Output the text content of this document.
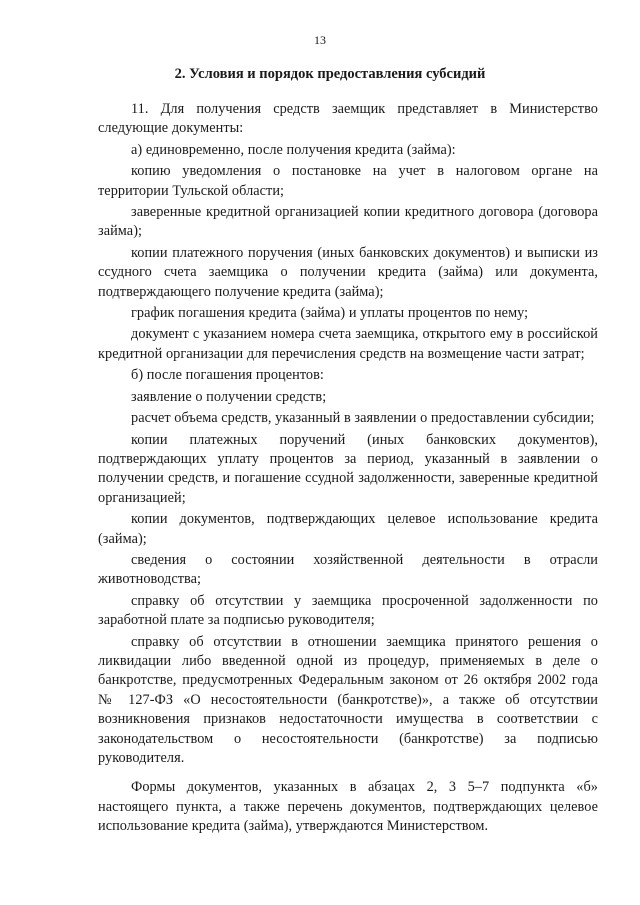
13
2. Условия и порядок предоставления субсидий

11. Для получения средств заемщик представляет в Министерство следующие документы:

а) единовременно, после получения кредита (займа):

копию уведомления о постановке на учет в налоговом органе на территории Тульской области;

заверенные кредитной организацией копии кредитного договора (договора займа);

копии платежного поручения (иных банковских документов) и выписки из ссудного счета заемщика о получении кредита (займа) или документа, подтверждающего получение кредита (займа);

график погашения кредита (займа) и уплаты процентов по нему;

документ с указанием номера счета заемщика, открытого ему в российской кредитной организации для перечисления средств на возмещение части затрат;

б) после погашения процентов:

заявление о получении средств;

расчет объема средств, указанный в заявлении о предоставлении субсидии;

копии платежных поручений (иных банковских документов), подтверждающих уплату процентов за период, указанный в заявлении о получении средств, и погашение ссудной задолженности, заверенные кредитной организацией;

копии документов, подтверждающих целевое использование кредита (займа);

сведения о состоянии хозяйственной деятельности в отрасли животноводства;

справку об отсутствии у заемщика просроченной задолженности по заработной плате за подписью руководителя;

справку об отсутствии в отношении заемщика принятого решения о ликвидации либо введенной одной из процедур, применяемых в деле о банкротстве, предусмотренных Федеральным законом от 26 октября 2002 года № 127-ФЗ «О несостоятельности (банкротстве)», а также об отсутствии возникновения признаков недостаточности имущества в соответствии с законодательством о несостоятельности (банкротстве) за подписью руководителя.

Формы документов, указанных в абзацах 2, 3 5–7 подпункта «б» настоящего пункта, а также перечень документов, подтверждающих целевое использование кредита (займа), утверждаются Министерством.
